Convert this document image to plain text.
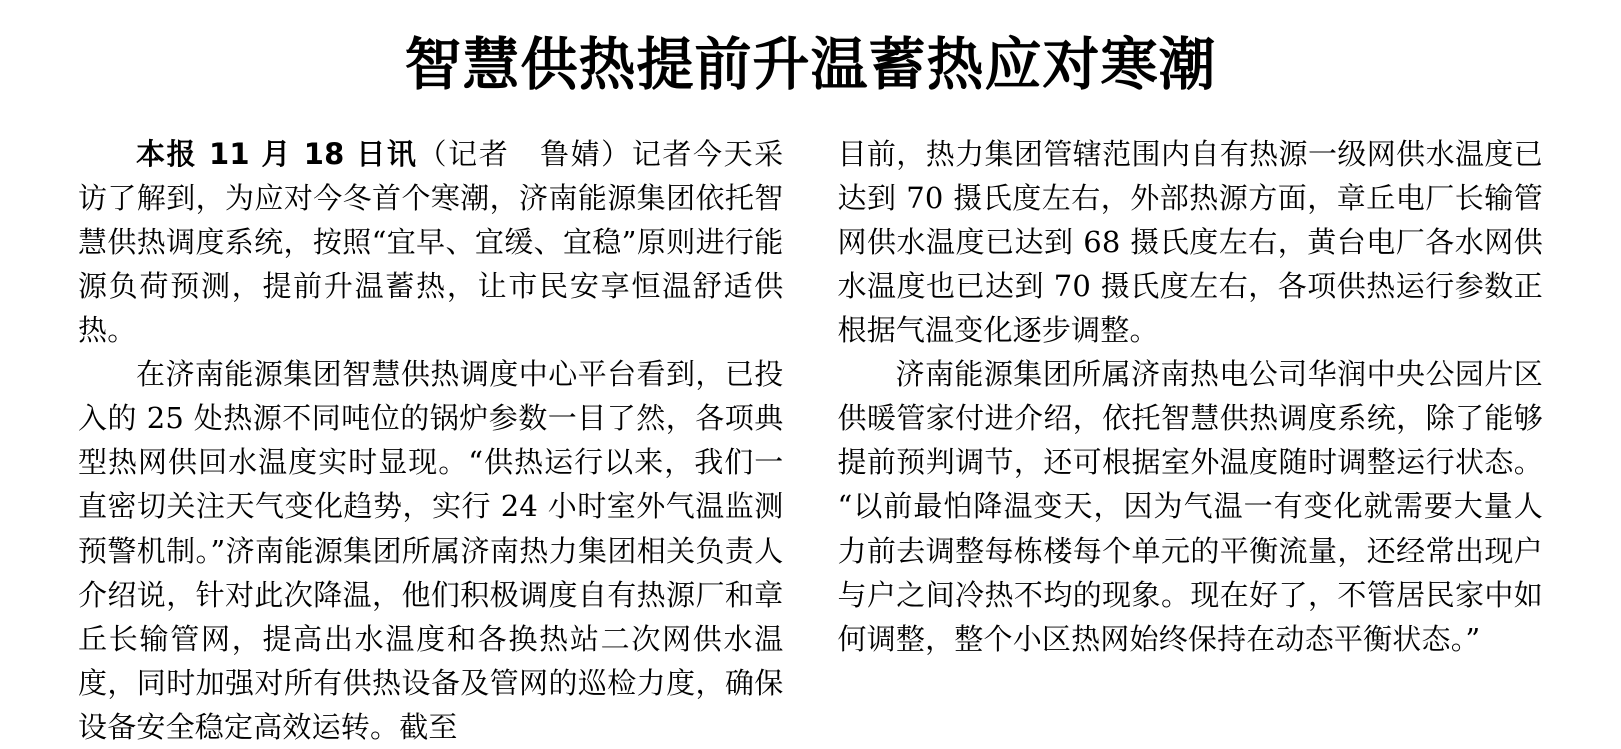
智慧供热提前升温蓄热应对寒潮

本报 11 月 18 日讯（记者　鲁婧）记者今天采访了解到，为应对今冬首个寒潮，济南能源集团依托智慧供热调度系统，按照“宜早、宜缓、宜稳”原则进行能源负荷预测，提前升温蓄热，让市民安享恒温舒适供热。

在济南能源集团智慧供热调度中心平台看到，已投入的 25 处热源不同吨位的锅炉参数一目了然，各项典型热网供回水温度实时显现。“供热运行以来，我们一直密切关注天气变化趋势，实行 24 小时室外气温监测预警机制。”济南能源集团所属济南热力集团相关负责人介绍说，针对此次降温，他们积极调度自有热源厂和章丘长输管网，提高出水温度和各换热站二次网供水温度，同时加强对所有供热设备及管网的巡检力度，确保设备安全稳定高效运转。截至

目前，热力集团管辖范围内自有热源一级网供水温度已达到 70 摄氏度左右，外部热源方面，章丘电厂长输管网供水温度已达到 68 摄氏度左右，黄台电厂各水网供水温度也已达到 70 摄氏度左右，各项供热运行参数正根据气温变化逐步调整。

济南能源集团所属济南热电公司华润中央公园片区供暖管家付进介绍，依托智慧供热调度系统，除了能够提前预判调节，还可根据室外温度随时调整运行状态。“以前最怕降温变天，因为气温一有变化就需要大量人力前去调整每栋楼每个单元的平衡流量，还经常出现户与户之间冷热不均的现象。现在好了，不管居民家中如何调整，整个小区热网始终保持在动态平衡状态。”
